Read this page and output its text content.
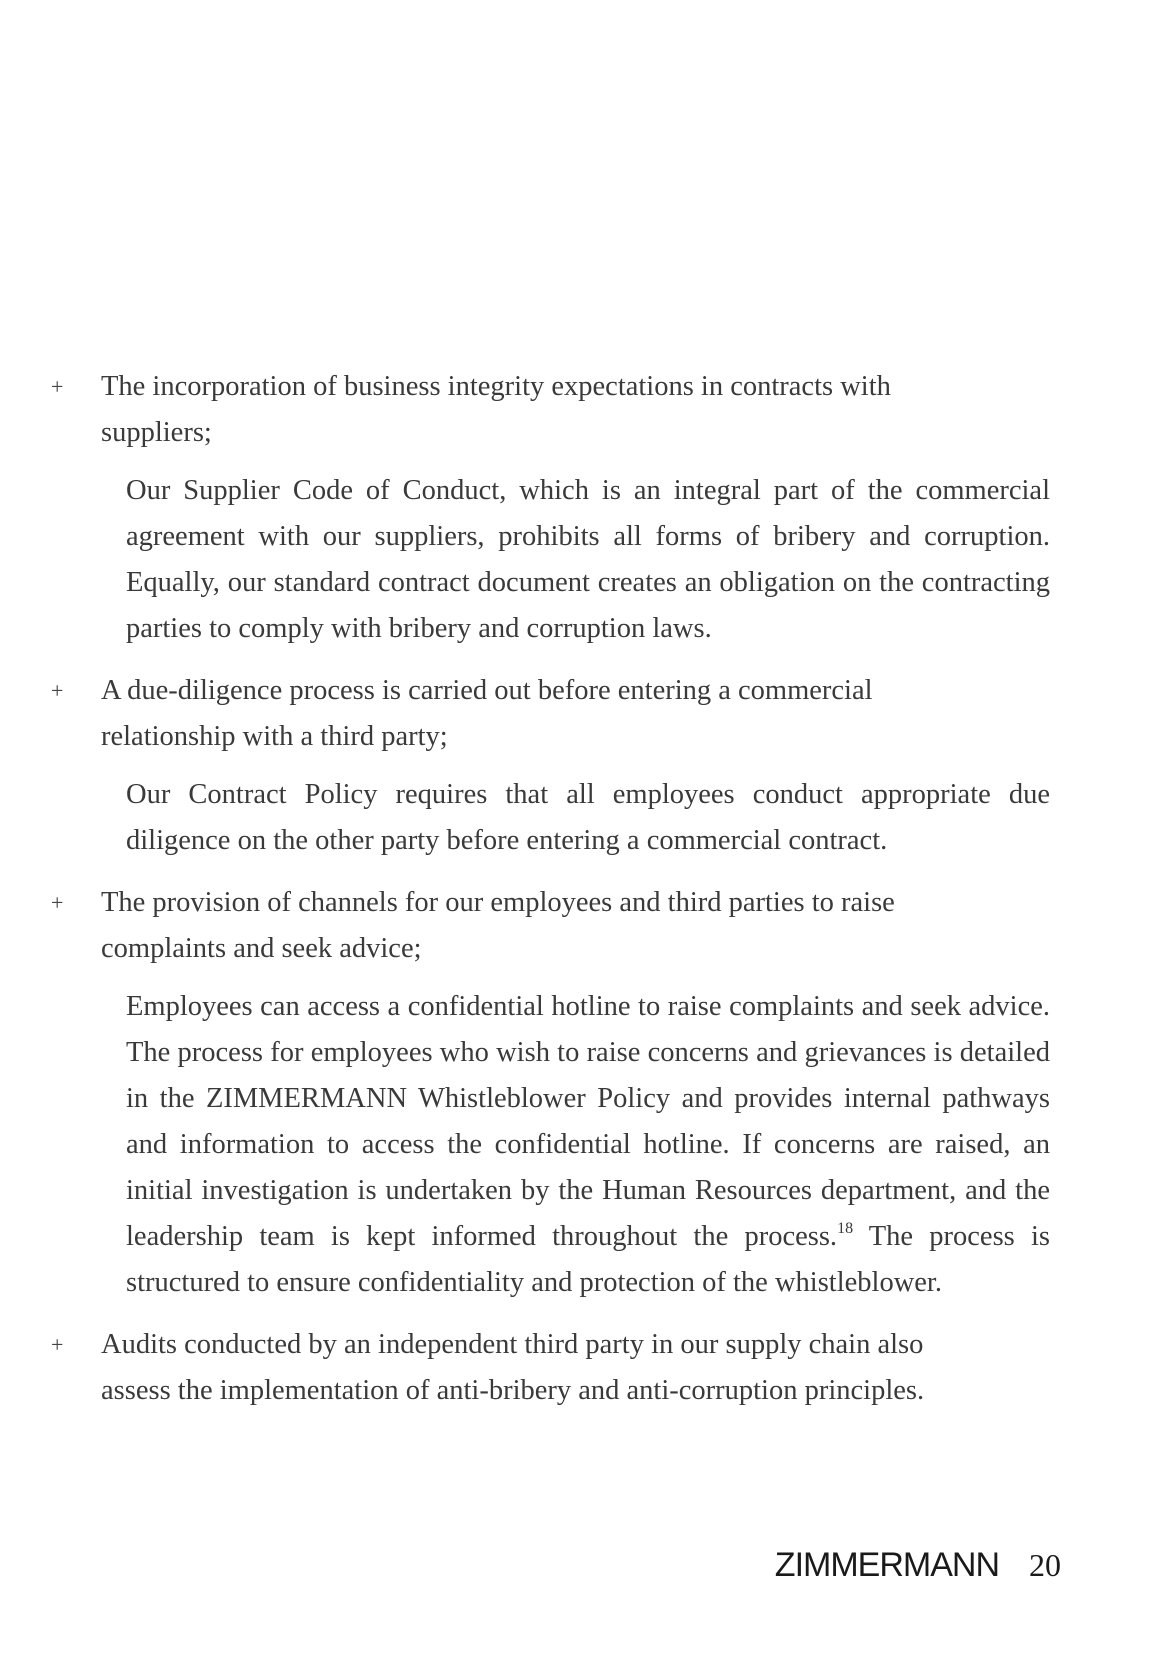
+ The incorporation of business integrity expectations in contracts with suppliers;
Our Supplier Code of Conduct, which is an integral part of the commercial agreement with our suppliers, prohibits all forms of bribery and corruption. Equally, our standard contract document creates an obligation on the contracting parties to comply with bribery and corruption laws.
+ A due-diligence process is carried out before entering a commercial relationship with a third party;
Our Contract Policy requires that all employees conduct appropriate due diligence on the other party before entering a commercial contract.
+ The provision of channels for our employees and third parties to raise complaints and seek advice;
Employees can access a confidential hotline to raise complaints and seek advice. The process for employees who wish to raise concerns and grievances is detailed in the ZIMMERMANN Whistleblower Policy and provides internal pathways and information to access the confidential hotline. If concerns are raised, an initial investigation is undertaken by the Human Resources department, and the leadership team is kept informed throughout the process.$^{18}$ The process is structured to ensure confidentiality and protection of the whistleblower.
+ Audits conducted by an independent third party in our supply chain also assess the implementation of anti-bribery and anti-corruption principles.
ZIMMERMANN 20
